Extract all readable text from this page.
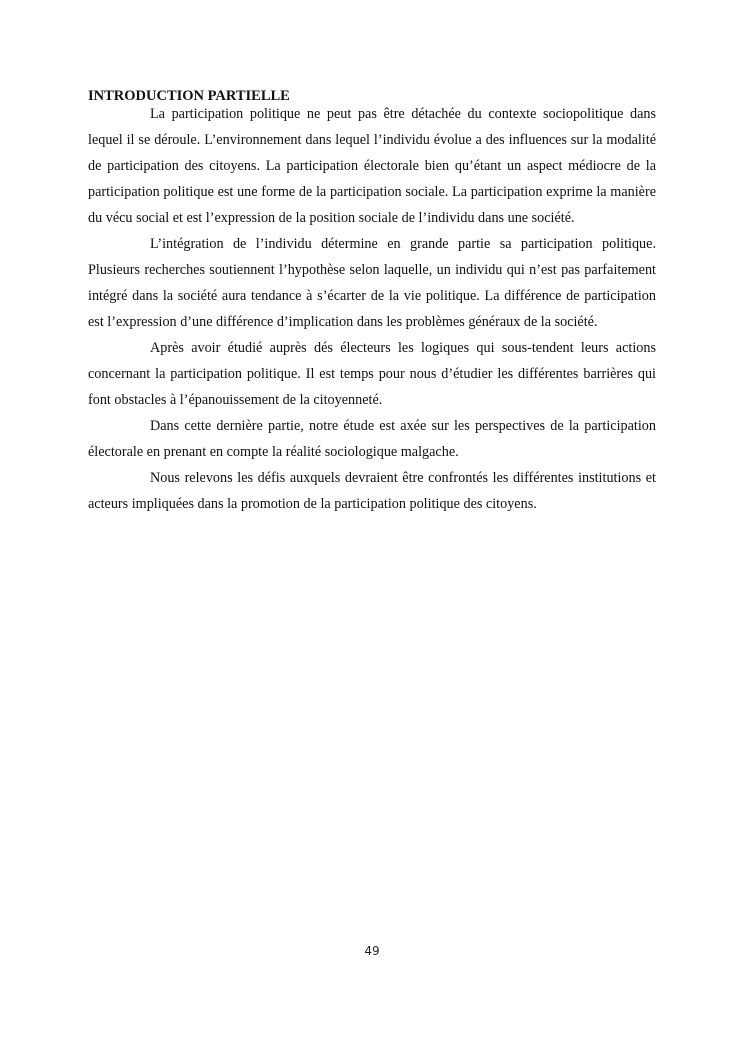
INTRODUCTION PARTIELLE

La participation politique ne peut pas être détachée du contexte sociopolitique dans lequel il se déroule. L’environnement dans lequel l’individu évolue a des influences sur la modalité de participation des citoyens. La participation électorale bien qu’étant un aspect médiocre de la participation politique est une forme de la participation sociale. La participation exprime la manière du vécu social et est l’expression de la position sociale de l’individu dans une société.

L’intégration de l’individu détermine en grande partie sa participation politique. Plusieurs recherches soutiennent l’hypothèse selon laquelle, un individu qui n’est pas parfaitement intégré dans la société aura tendance à s’écarter de la vie politique. La différence de participation est l’expression d’une différence d’implication dans les problèmes généraux de la société.

Après avoir étudié auprès dés électeurs les logiques qui sous-tendent leurs actions concernant la participation politique. Il est temps pour nous d’étudier les différentes barrières qui font obstacles à l’épanouissement de la citoyenneté.

Dans cette dernière partie, notre étude est axée sur les perspectives de la participation électorale en prenant en compte la réalité sociologique malgache.

Nous relevons les défis auxquels devraient être confrontés les différentes institutions et acteurs impliquées dans la promotion de la participation politique des citoyens.

49
